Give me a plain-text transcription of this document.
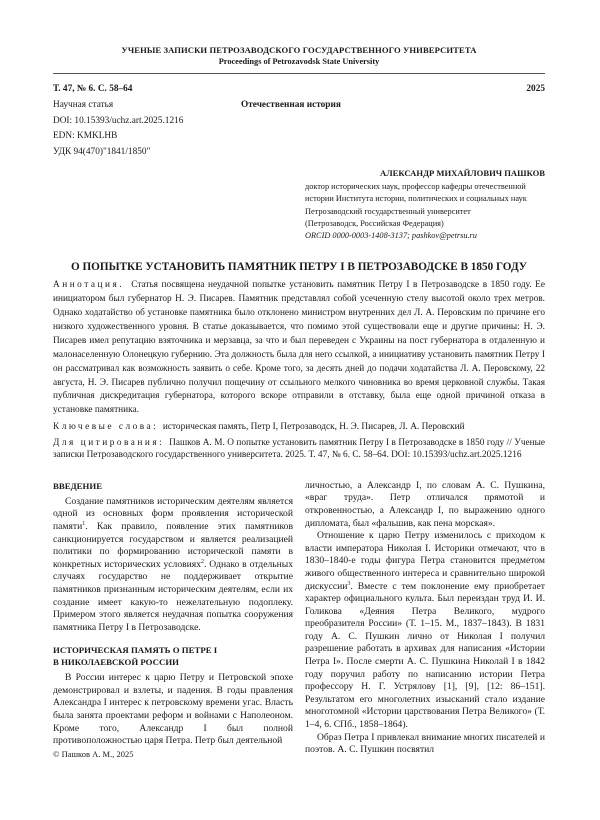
УЧЕНЫЕ ЗАПИСКИ ПЕТРОЗАВОДСКОГО ГОСУДАРСТВЕННОГО УНИВЕРСИТЕТА
Proceedings of Petrozavodsk State University
Т. 47, № 6. С. 58–64	2025
Научная статья	Отечественная история
DOI: 10.15393/uchz.art.2025.1216
EDN: KMKLHB
УДК 94(470)"1841/1850"
АЛЕКСАНДР МИХАЙЛОВИЧ ПАШКОВ
доктор исторических наук, профессор кафедры отечественной истории Института истории, политических и социальных наук
Петрозаводский государственный университет
(Петрозаводск, Российская Федерация)
ORCID 0000-0003-1408-3137; pashkov@petrsu.ru
О ПОПЫТКЕ УСТАНОВИТЬ ПАМЯТНИК ПЕТРУ I В ПЕТРОЗАВОДСКЕ В 1850 ГОДУ
Аннотация. Статья посвящена неудачной попытке установить памятник Петру I в Петрозаводске в 1850 году. Ее инициатором был губернатор Н. Э. Писарев. Памятник представлял собой усеченную стелу высотой около трех метров. Однако ходатайство об установке памятника было отклонено министром внутренних дел Л. А. Перовским по причине его низкого художественного уровня. В статье доказывается, что помимо этой существовали еще и другие причины: Н. Э. Писарев имел репутацию взяточника и мерзавца, за что и был переведен с Украины на пост губернатора в отдаленную и малонаселенную Олонецкую губернию. Эта должность была для него ссылкой, а инициативу установить памятник Петру I он рассматривал как возможность заявить о себе. Кроме того, за десять дней до подачи ходатайства Л. А. Перовскому, 22 августа, Н. Э. Писарев публично получил пощечину от ссыльного мелкого чиновника во время церковной службы. Такая публичная дискредитация губернатора, которого вскоре отправили в отставку, была еще одной причиной отказа в установке памятника.
Ключевые слова: историческая память, Петр I, Петрозаводск, Н. Э. Писарев, Л. А. Перовский
Для цитирования: Пашков А. М. О попытке установить памятник Петру I в Петрозаводске в 1850 году // Ученые записки Петрозаводского государственного университета. 2025. Т. 47, № 6. С. 58–64. DOI: 10.15393/uchz.art.2025.1216
ВВЕДЕНИЕ

Создание памятников историческим деятелям является одной из основных форм проявления исторической памяти$^1$. Как правило, появление этих памятников санкционируется государством и является реализацией политики по формированию исторической памяти в конкретных исторических условиях$^2$. Однако в отдельных случаях государство не поддерживает открытие памятников признанным историческим деятелям, если их создание имеет какую-то нежелательную подоплеку. Примером этого является неудачная попытка сооружения памятника Петру I в Петрозаводске.

ИСТОРИЧЕСКАЯ ПАМЯТЬ О ПЕТРЕ I
В НИКОЛАЕВСКОЙ РОССИИ

В России интерес к царю Петру и Петровской эпохе демонстрировал и взлеты, и падения. В годы правления Александра I интерес к петровскому времени угас. Власть была занята проектами реформ и войнами с Наполеоном. Кроме того, Александр I был полной противоположностью царя Петра. Петр был деятельной

© Пашков А. М., 2025

личностью, а Александр I, по словам А. С. Пушкина, «враг труда». Петр отличался прямотой и откровенностью, а Александр I, по выражению одного дипломата, был «фальшив, как пена морская».

Отношение к царю Петру изменилось с приходом к власти императора Николая I. Историки отмечают, что в 1830–1840-е годы фигура Петра становится предметом живого общественного интереса и сравнительно широкой дискуссии$^3$. Вместе с тем поклонение ему приобретает характер официального культа. Был переиздан труд И. И. Голикова «Деяния Петра Великого, мудрого преобразителя России» (Т. 1–15. М., 1837–1843). В 1831 году А. С. Пушкин лично от Николая I получил разрешение работать в архивах для написания «Истории Петра I». После смерти А. С. Пушкина Николай I в 1842 году поручил работу по написанию истории Петра профессору Н. Г. Устрялову [1], [9], [12: 86–151]. Результатом его многолетних изысканий стало издание многотомной «Истории царствования Петра Великого» (Т. 1–4, 6. СПб., 1858–1864).

Образ Петра I привлекал внимание многих писателей и поэтов. А. С. Пушкин посвятил
